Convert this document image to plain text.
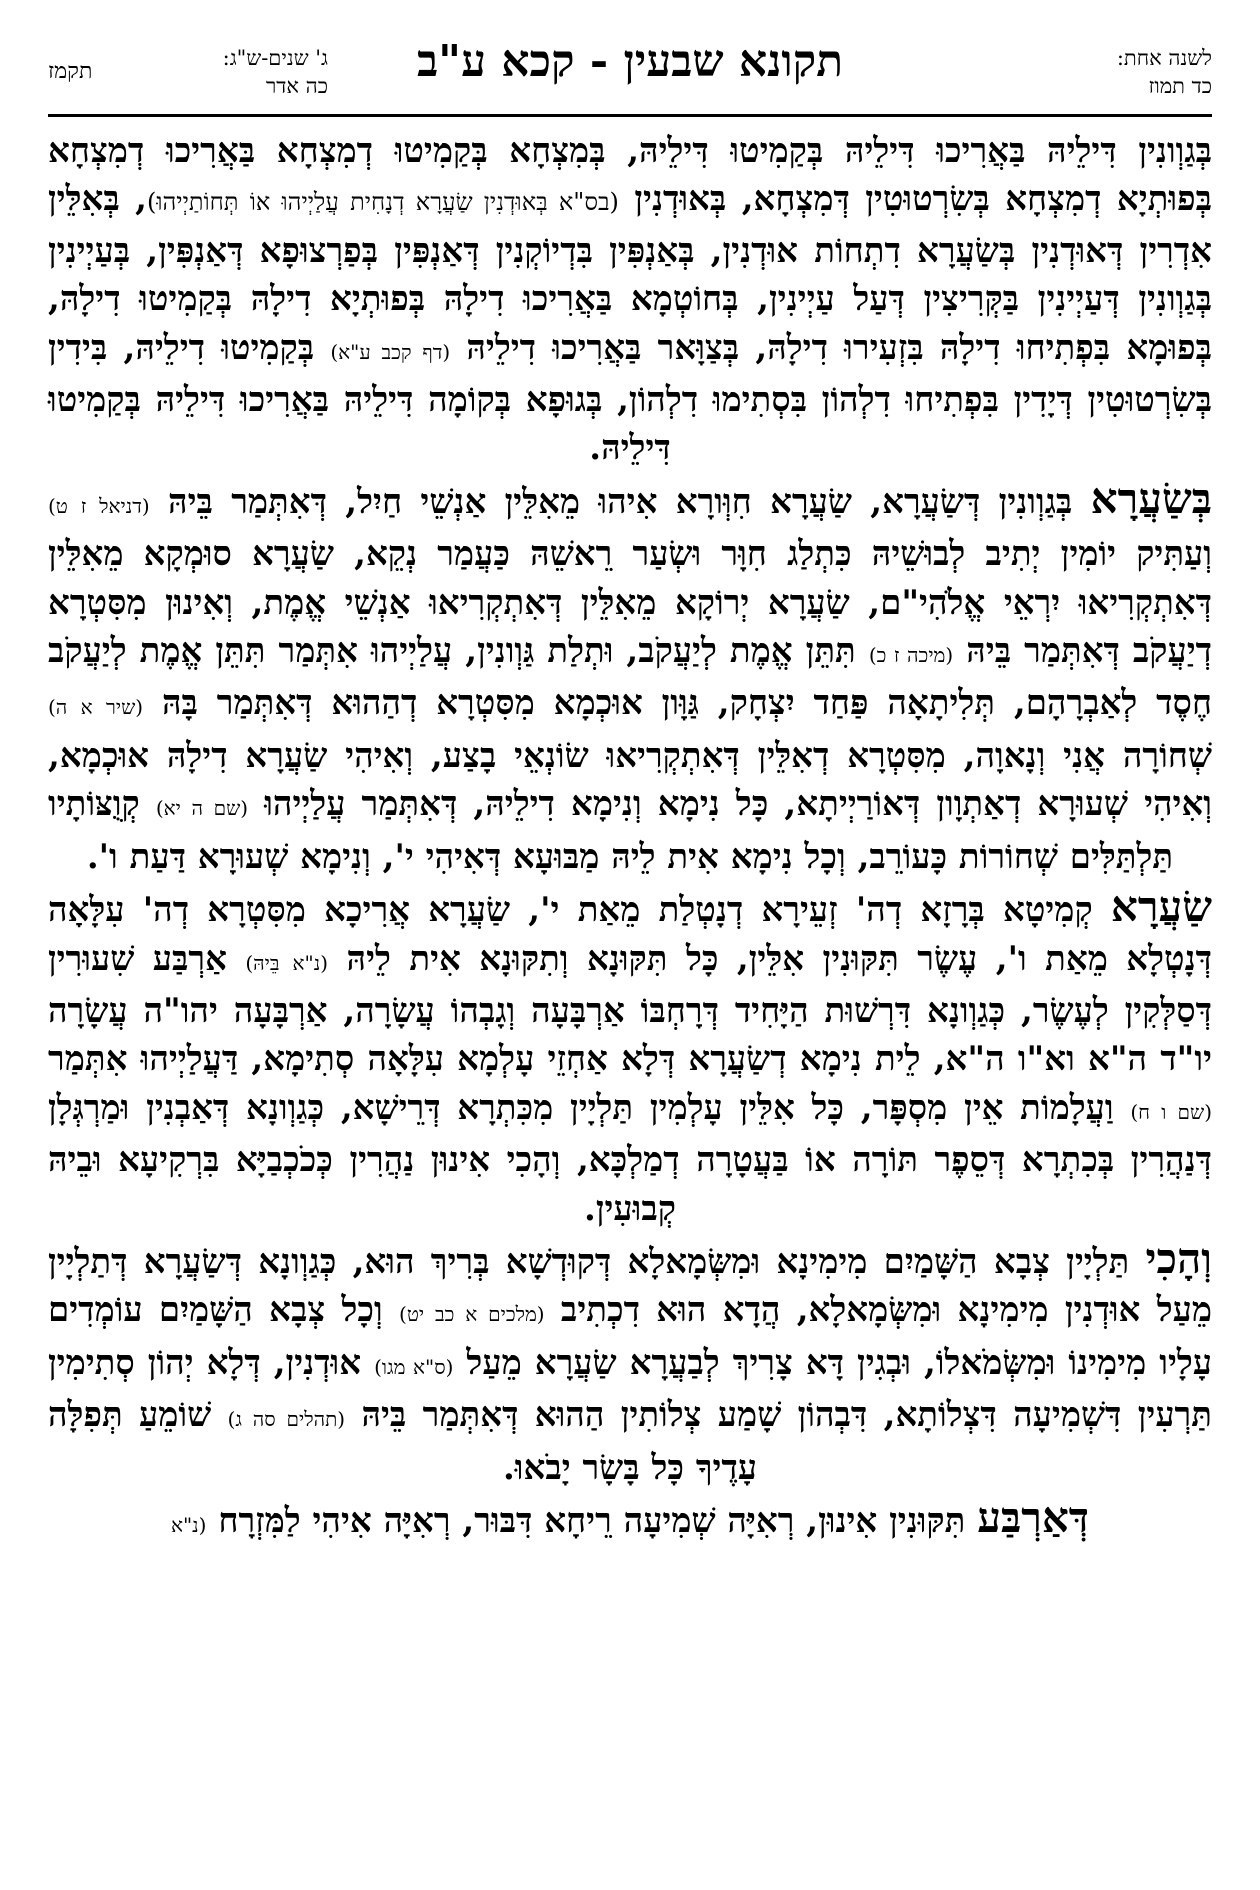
לשנה אחת:
כד תמוז
תקונא שבעין - קכא ע"ב
ג' שנים-ש"ג:
כה אדר
תקמז

בְּגַוְונִין דִּילֵיהּ בַּאֲרִיכוּ דִּילֵיהּ בְּקַמִיטוּ דִּילֵיהּ, בְּמִצְחָא בְּקַמִיטוּ דְמִצְחָא בַּאֲרִיכוּ דְמִצְחָא בְּפוּתְיָא דְמִצְחָא בְּשִׂרְטוּטִין דְּמִצְחָא, בְּאוּדְנִין (בס"א בְּאוּדְנִין שַׂעֲרָא דְנָחִית עֲלַיְיהוּ אוֹ תְּחוֹתַיְיהוּ), בְּאִלֵּין אִדְרִין דְּאוּדְנִין בְּשַׂעֲרָא דִתְחוֹת אוּדְנִין, בְּאַנְפִּין בִּדְיוֹקְנִין דְּאַנְפִּין בְּפַרְצוּפָא דְּאַנְפִּין, בְּעַיְינִין בְּגַוְונִין דְּעַיְינִין בַּקְּרִיצִין דְּעַל עַיְינִין, בְּחוֹטְמָא בַּאֲרִיכוּ דִילָהּ בְּפוּתְיָא דִילָהּ בְּקַמִיטוּ דִילָהּ, בְּפוּמָא בִּפְתִיחוּ דִילָהּ בִּזְעִירוּ דִילָהּ, בְּצַוָּאר בַּאֲרִיכוּ דִילֵיהּ (דף קכב ע"א) בְּקַמִיטוּ דִילֵיהּ, בִּידִין בְּשִׂרְטוּטִין דְּיָדִין בִּפְתִיחוּ דִלְהוֹן בִּסְתִימוּ דִלְהוֹן, בְּגוּפָא בְּקוֹמָה דִּילֵיהּ בַּאֲרִיכוּ דִּילֵיהּ בְּקַמִיטוּ דִּילֵיהּ.

בְּשַׂעֲרָא בְּגַוְונִין דְּשַׂעֲרָא, שַׂעֲרָא חִוְּורָא אִיהוּ מֵאִלֵּין אַנְשֵׁי חַיִל, דְּאִתְּמַר בֵּיהּ (דניאל ז ט) וְעַתִּיק יוֹמִין יְתִיב לְבוּשֵׁיהּ כִּתְלַג חִוָּר וּשְׂעַר רֵאשֵׁהּ כַּעֲמַר נְקֵא, שַׂעֲרָא סוּמְקָא מֵאִלֵּין דְּאִתְקְרִיאוּ יִרְאֵי אֱלֹהִי"ם, שַׂעֲרָא יְרוֹקָא מֵאִלֵּין דְּאִתְקְרִיאוּ אַנְשֵׁי אֱמֶת, וְאִינוּן מִסִּטְרָא דְיַעֲקֹב דְּאִתְּמַר בֵּיהּ (מיכה ז כ) תִּתֵּן אֱמֶת לְיַעֲקֹב, וּתְלַת גַּוְונִין, עֲלַיְיהוּ אִתְּמַר תִּתֵּן אֱמֶת לְיַעֲקֹב חֶסֶד לְאַבְרָהָם, תְּלִיתָאָה פַּחַד יִצְחָק, גַּוָּון אוּכְמָא מִסִּטְרָא דְהַהוּא דְּאִתְּמַר בָּהּ (שיר א ה) שְׁחוֹרָה אֲנִי וְנָאוָה, מִסִּטְרָא דְאִלֵּין דְּאִתְקְרִיאוּ שׂוֹנְאֵי בָצַע, וְאִיהִי שַׂעֲרָא דִילָהּ אוּכְמָא, וְאִיהִי שְׁעוּרָא דְאַתְוָון דְּאוֹרַיְיתָא, כָּל נִימָא וְנִימָא דִילֵיהּ, דְּאִתְּמַר עֲלַיְיהוּ (שם ה יא) קְוֻצּוֹתָיו תַּלְתַּלִּים שְׁחוֹרוֹת כָּעוֹרֵב, וְכָל נִימָא אִית לֵיהּ מַבּוּעָא דְּאִיהִי י', וְנִימָא שְׁעוּרָא דַּעַת ו'.

שַׂעֲרָא קְמִיטָא בְּרָזָא דְה' זְעֵירָא דְנָטְלַת מֵאַת י', שַׂעֲרָא אֲרִיכָא מִסִּטְרָא דְה' עִלָּאָה דְּנָטְלָא מֵאַת ו', עֶשֶׂר תִּקּוּנִין אִלֵּין, כָּל תִּקּוּנָא וְתִקּוּנָא אִית לֵיהּ (נ"א בֵּיהּ) אַרְבַּע שִׁעוּרִין דְּסַלְּקִין לְעֶשֶׂר, כְּגַוְונָא דִּרְשׁוּת הַיָּחִיד דְּרָחְבּוֹ אַרְבָּעָה וְגָבְהוֹ עֲשָׂרָה, אַרְבָּעָה יהו"ה עֲשָׂרָה יו"ד ה"א וא"ו ה"א, לֵית נִימָא דְשַׂעֲרָא דְּלָא אַחְזֵי עָלְמָא עִלָּאָה סְתִימָא, דַּעֲלַיְיהוּ אִתְּמַר (שם ו ח) וַעֲלָמוֹת אֵין מִסְפָּר, כָּל אִלֵּין עָלְמִין תַּלְיָין מִכִּתְרָא דְּרֵישָׁא, כְּגַוְונָא דְּאַבְנִין וּמַרְגְּלָן דְּנַהֲרִין בְּכִתְרָא דְּסֵפֶר תּוֹרָה אוֹ בַּעֲטָרָה דְמַלְכָּא, וְהָכִי אִינוּן נַהֲרִין כְּכֹכְבַיָּא בִּרְקִיעָא וּבֵיהּ קְבוּעִין.

וְהָכִי תַּלְיָין צְבָא הַשָּׁמַיִם מִימִינָא וּמִשְּׂמָאלָא דְּקוּדְשָׁא בְּרִיךְ הוּא, כְּגַוְונָא דְּשַׂעֲרָא דְּתַלְיָין מֵעַל אוּדְנִין מִימִינָא וּמִשְּׂמָאלָא, הֲדָא הוּא דִכְתִיב (מלכים א כב יט) וְכָל צְבָא הַשָּׁמַיִם עוֹמְדִים עָלָיו מִימִינוֹ וּמִשְּׂמֹאלוֹ, וּבְגִין דָּא צָרִיךְ לְבַעֲרָא שַׂעֲרָא מֵעַל (ס"א מגו) אוּדְנִין, דְּלָא יְהוֹן סְתִימִין תַּרְעִין דִּשְׁמִיעָה דִּצְלוֹתָא, דִּבְהוֹן שָׁמַע צְלוֹתִין הַהוּא דְּאִתְּמַר בֵּיהּ (תהלים סה ג) שׁוֹמֵעַ תְּפִלָּה עָדֶיךָ כָּל בָּשָׂר יָבֹאוּ.

דְּאַרְבַּע תִּקּוּנִין אִינוּן, רְאִיָּה שְׁמִיעָה רֵיחָא דִּבּוּר, רְאִיָּה אִיהִי לַמִּזְרָח (נ"א
